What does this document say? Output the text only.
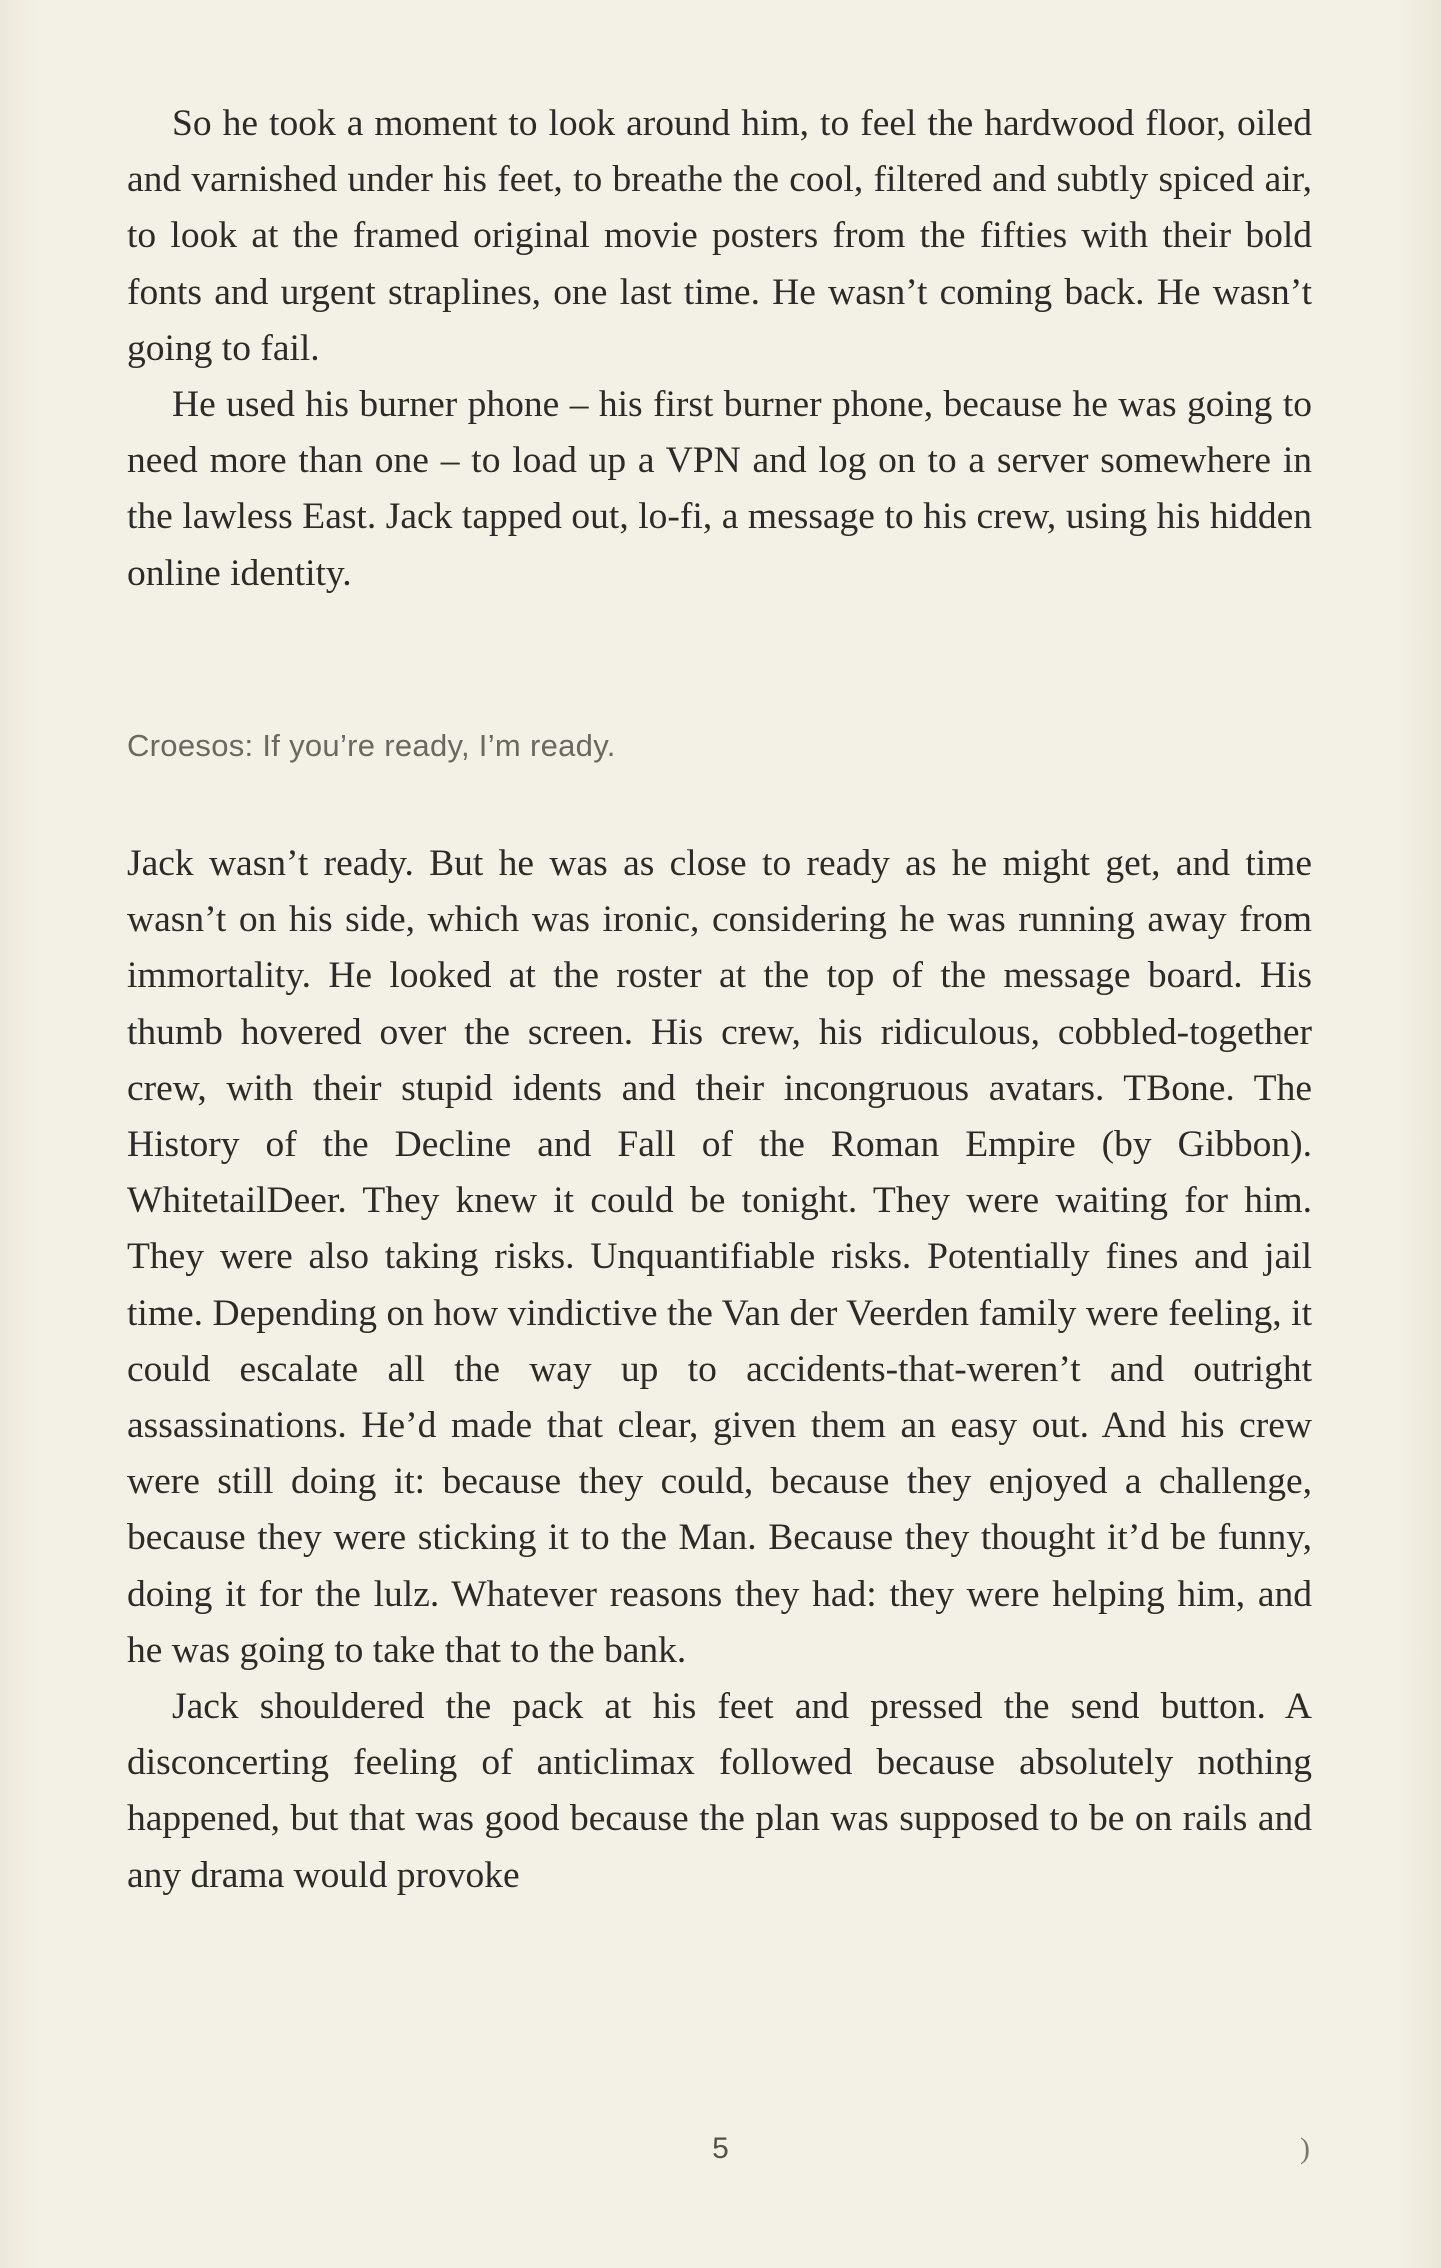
So he took a moment to look around him, to feel the hardwood floor, oiled and varnished under his feet, to breathe the cool, filtered and subtly spiced air, to look at the framed original movie posters from the fifties with their bold fonts and urgent straplines, one last time. He wasn’t coming back. He wasn’t going to fail.

He used his burner phone – his first burner phone, because he was going to need more than one – to load up a VPN and log on to a server somewhere in the lawless East. Jack tapped out, lo-fi, a message to his crew, using his hidden online identity.

Croesos: If you’re ready, I’m ready.

Jack wasn’t ready. But he was as close to ready as he might get, and time wasn’t on his side, which was ironic, considering he was running away from immortality. He looked at the roster at the top of the message board. His thumb hovered over the screen. His crew, his ridiculous, cobbled-together crew, with their stupid idents and their incongruous avatars. TBone. The History of the Decline and Fall of the Roman Empire (by Gibbon). WhitetailDeer. They knew it could be tonight. They were waiting for him. They were also taking risks. Unquantifiable risks. Potentially fines and jail time. Depending on how vindictive the Van der Veerden family were feeling, it could escalate all the way up to accidents-that-weren’t and outright assassinations. He’d made that clear, given them an easy out. And his crew were still doing it: because they could, because they enjoyed a challenge, because they were sticking it to the Man. Because they thought it’d be funny, doing it for the lulz. Whatever reasons they had: they were helping him, and he was going to take that to the bank.

Jack shouldered the pack at his feet and pressed the send button. A disconcerting feeling of anticlimax followed because absolutely nothing happened, but that was good because the plan was supposed to be on rails and any drama would provoke

5	)
